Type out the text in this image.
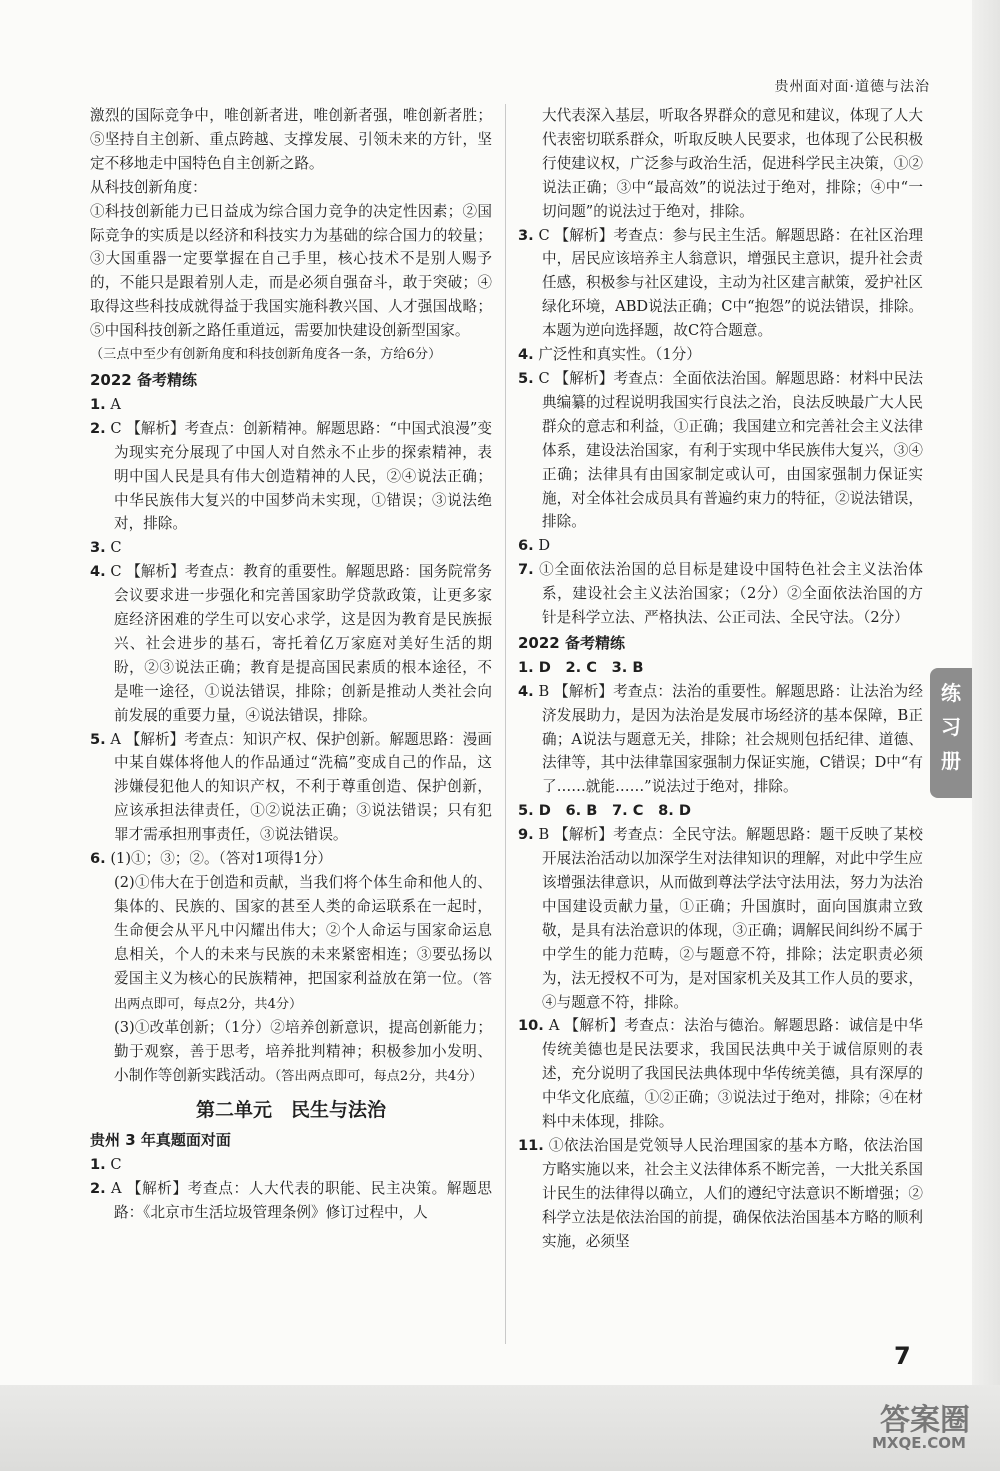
贵州面对面·道德与法治

激烈的国际竞争中，唯创新者进，唯创新者强，唯创新者胜；⑤坚持自主创新、重点跨越、支撑发展、引领未来的方针，坚定不移地走中国特色自主创新之路。

从科技创新角度：

①科技创新能力已日益成为综合国力竞争的决定性因素；②国际竞争的实质是以经济和科技实力为基础的综合国力的较量；③大国重器一定要掌握在自己手里，核心技术不是别人赐予的，不能只是跟着别人走，而是必须自强奋斗，敢于突破；④取得这些科技成就得益于我国实施科教兴国、人才强国战略；⑤中国科技创新之路任重道远，需要加快建设创新型国家。

（三点中至少有创新角度和科技创新角度各一条，方给6分）

2022 备考精练

1. A

2. C 【解析】考查点：创新精神。解题思路：“中国式浪漫”变为现实充分展现了中国人对自然永不止步的探索精神，表明中国人民是具有伟大创造精神的人民，②④说法正确；中华民族伟大复兴的中国梦尚未实现，①错误；③说法绝对，排除。

3. C

4. C 【解析】考查点：教育的重要性。解题思路：国务院常务会议要求进一步强化和完善国家助学贷款政策，让更多家庭经济困难的学生可以安心求学，这是因为教育是民族振兴、社会进步的基石，寄托着亿万家庭对美好生活的期盼，②③说法正确；教育是提高国民素质的根本途径，不是唯一途径，①说法错误，排除；创新是推动人类社会向前发展的重要力量，④说法错误，排除。

5. A 【解析】考查点：知识产权、保护创新。解题思路：漫画中某自媒体将他人的作品通过“洗稿”变成自己的作品，这涉嫌侵犯他人的知识产权，不利于尊重创造、保护创新，应该承担法律责任，①②说法正确；③说法错误；只有犯罪才需承担刑事责任，③说法错误。

6. (1)①；③；②。（答对1项得1分）

(2)①伟大在于创造和贡献，当我们将个体生命和他人的、集体的、民族的、国家的甚至人类的命运联系在一起时，生命便会从平凡中闪耀出伟大；②个人命运与国家命运息息相关，个人的未来与民族的未来紧密相连；③要弘扬以爱国主义为核心的民族精神，把国家利益放在第一位。（答出两点即可，每点2分，共4分）

(3)①改革创新；（1分）②培养创新意识，提高创新能力；勤于观察，善于思考，培养批判精神；积极参加小发明、小制作等创新实践活动。（答出两点即可，每点2分，共4分）

第二单元　民生与法治

贵州 3 年真题面对面

1. C

2. A 【解析】考查点：人大代表的职能、民主决策。解题思路：《北京市生活垃圾管理条例》修订过程中，人

大代表深入基层，听取各界群众的意见和建议，体现了人大代表密切联系群众，听取反映人民要求，也体现了公民积极行使建议权，广泛参与政治生活，促进科学民主决策，①②说法正确；③中“最高效”的说法过于绝对，排除；④中“一切问题”的说法过于绝对，排除。

3. C 【解析】考查点：参与民主生活。解题思路：在社区治理中，居民应该培养主人翁意识，增强民主意识，提升社会责任感，积极参与社区建设，主动为社区建言献策，爱护社区绿化环境，ABD说法正确；C中“抱怨”的说法错误，排除。本题为逆向选择题，故C符合题意。

4. 广泛性和真实性。（1分）

5. C 【解析】考查点：全面依法治国。解题思路：材料中民法典编纂的过程说明我国实行良法之治，良法反映最广大人民群众的意志和利益，①正确；我国建立和完善社会主义法律体系，建设法治国家，有利于实现中华民族伟大复兴，③④正确；法律具有由国家制定或认可，由国家强制力保证实施，对全体社会成员具有普遍约束力的特征，②说法错误，排除。

6. D

7. ①全面依法治国的总目标是建设中国特色社会主义法治体系，建设社会主义法治国家；（2分）②全面依法治国的方针是科学立法、严格执法、公正司法、全民守法。（2分）

2022 备考精练

1. D　2. C　3. B

4. B 【解析】考查点：法治的重要性。解题思路：让法治为经济发展助力，是因为法治是发展市场经济的基本保障，B正确；A说法与题意无关，排除；社会规则包括纪律、道德、法律等，其中法律靠国家强制力保证实施，C错误；D中“有了……就能……”说法过于绝对，排除。

5. D　6. B　7. C　8. D

9. B 【解析】考查点：全民守法。解题思路：题干反映了某校开展法治活动以加深学生对法律知识的理解，对此中学生应该增强法律意识，从而做到尊法学法守法用法，努力为法治中国建设贡献力量，①正确；升国旗时，面向国旗肃立致敬，是具有法治意识的体现，③正确；调解民间纠纷不属于中学生的能力范畴，②与题意不符，排除；法定职责必须为，法无授权不可为，是对国家机关及其工作人员的要求，④与题意不符，排除。

10. A 【解析】考查点：法治与德治。解题思路：诚信是中华传统美德也是民法要求，我国民法典中关于诚信原则的表述，充分说明了我国民法典体现中华传统美德，具有深厚的中华文化底蕴，①②正确；③说法过于绝对，排除；④在材料中未体现，排除。

11. ①依法治国是党领导人民治理国家的基本方略，依法治国方略实施以来，社会主义法律体系不断完善，一大批关系国计民生的法律得以确立，人们的遵纪守法意识不断增强；②科学立法是依法治国的前提，确保依法治国基本方略的顺利实施，必须坚

练
习
册
7
答案圈
MXQE.COM
